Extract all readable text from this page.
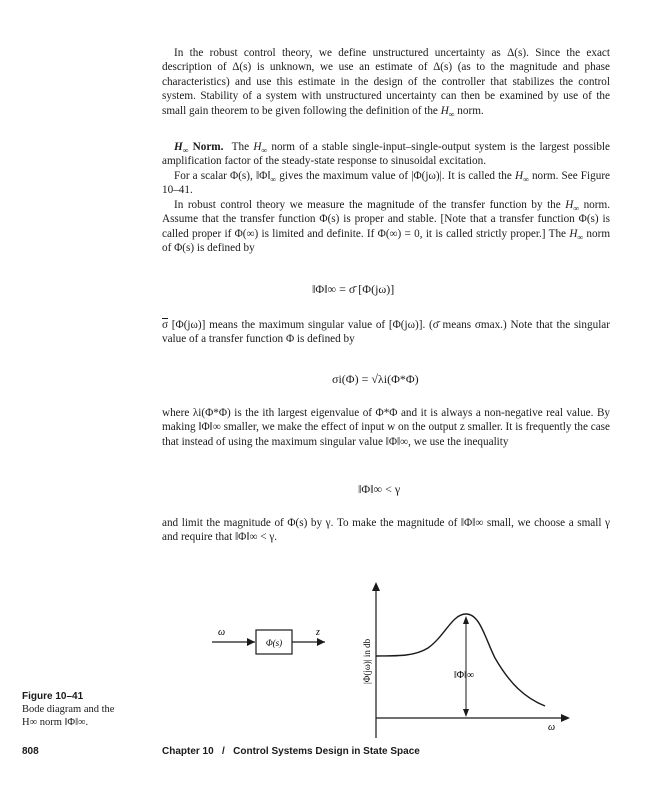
In the robust control theory, we define unstructured uncertainty as Δ(s). Since the exact description of Δ(s) is unknown, we use an estimate of Δ(s) (as to the magnitude and phase characteristics) and use this estimate in the design of the controller that stabilizes the control system. Stability of a system with unstructured uncertainty can then be examined by use of the small gain theorem to be given following the definition of the $H_\infty$ norm.

$H_\infty$ Norm. The $H_\infty$ norm of a stable single-input–single-output system is the largest possible amplification factor of the steady-state response to sinusoidal excitation.

For a scalar Φ(s), $‖\Phi‖_\infty$ gives the maximum value of |Φ(jω)|. It is called the $H_\infty$ norm. See Figure 10–41.

In robust control theory we measure the magnitude of the transfer function by the $H_\infty$ norm. Assume that the transfer function Φ(s) is proper and stable. [Note that a transfer function Φ(s) is called proper if Φ(∞) is limited and definite. If Φ(∞) = 0, it is called strictly proper.] The $H_\infty$ norm of Φ(s) is defined by

‖Φ‖∞ = σ̄ [Φ(jω)]

$\overline{\sigma}$ [Φ(jω)] means the maximum singular value of [Φ(jω)]. (σ̄ means σmax.) Note that the singular value of a transfer function Φ is defined by

σi(Φ) = √λi(Φ*Φ)

where λi(Φ*Φ) is the ith largest eigenvalue of Φ*Φ and it is always a non-negative real value. By making ‖Φ‖∞ smaller, we make the effect of input w on the output z smaller. It is frequently the case that instead of using the maximum singular value ‖Φ‖∞, we use the inequality

‖Φ‖∞ < γ

and limit the magnitude of Φ(s) by γ. To make the magnitude of ‖Φ‖∞ small, we choose a small γ and require that ‖Φ‖∞ < γ.

ω
Φ(s)
z
‖Φ‖∞
|Φ(jω)| in db
ω
Figure 10–41
Bode diagram and the H∞ norm ‖Φ‖∞.
808	Chapter 10   /   Control Systems Design in State Space
